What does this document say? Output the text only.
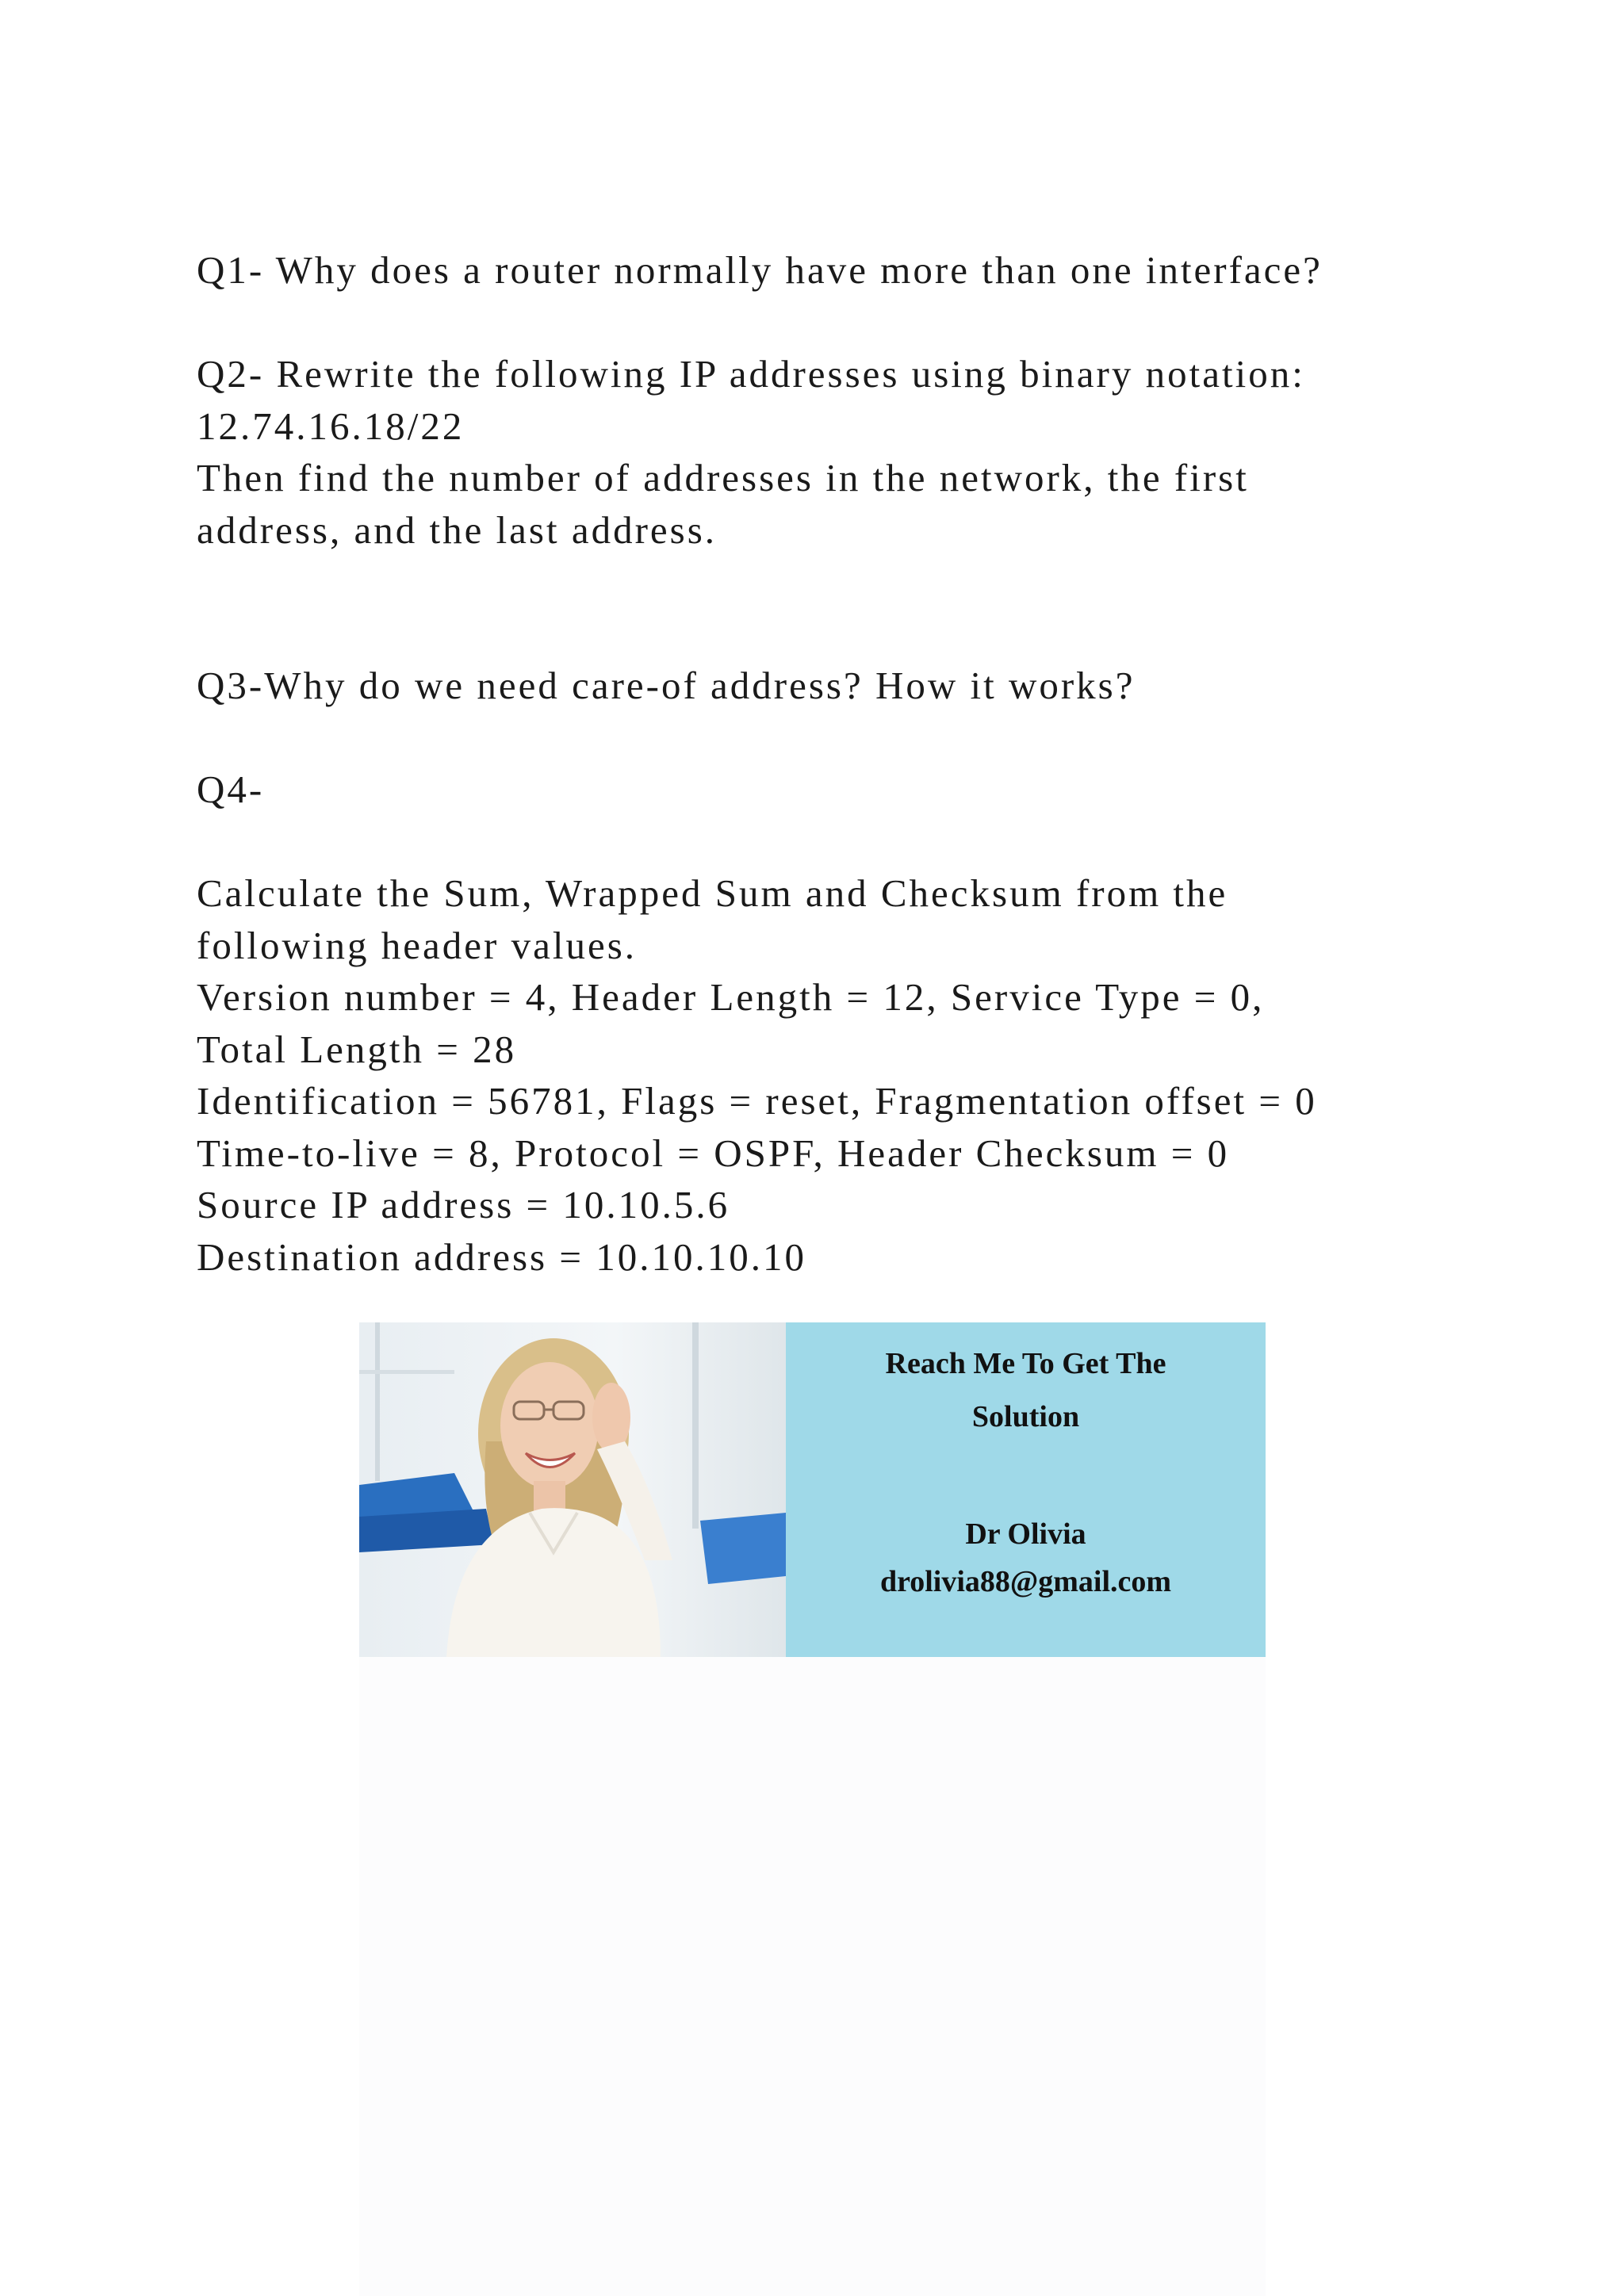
Q1- Why does a router normally have more than one interface?
Q2- Rewrite the following IP addresses using binary notation:
12.74.16.18/22
Then find the number of addresses in the network, the first
address, and the last address.
Q3-Why do we need care-of address? How it works?
Q4-
Calculate the Sum, Wrapped Sum and Checksum from the
following header values.
Version number = 4, Header Length = 12, Service Type = 0,
Total Length = 28
Identification = 56781, Flags = reset, Fragmentation offset = 0
Time-to-live = 8, Protocol = OSPF, Header Checksum = 0
Source IP address = 10.10.5.6
Destination address = 10.10.10.10
Reach Me To Get The
Solution
Dr Olivia
drolivia88@gmail.com
